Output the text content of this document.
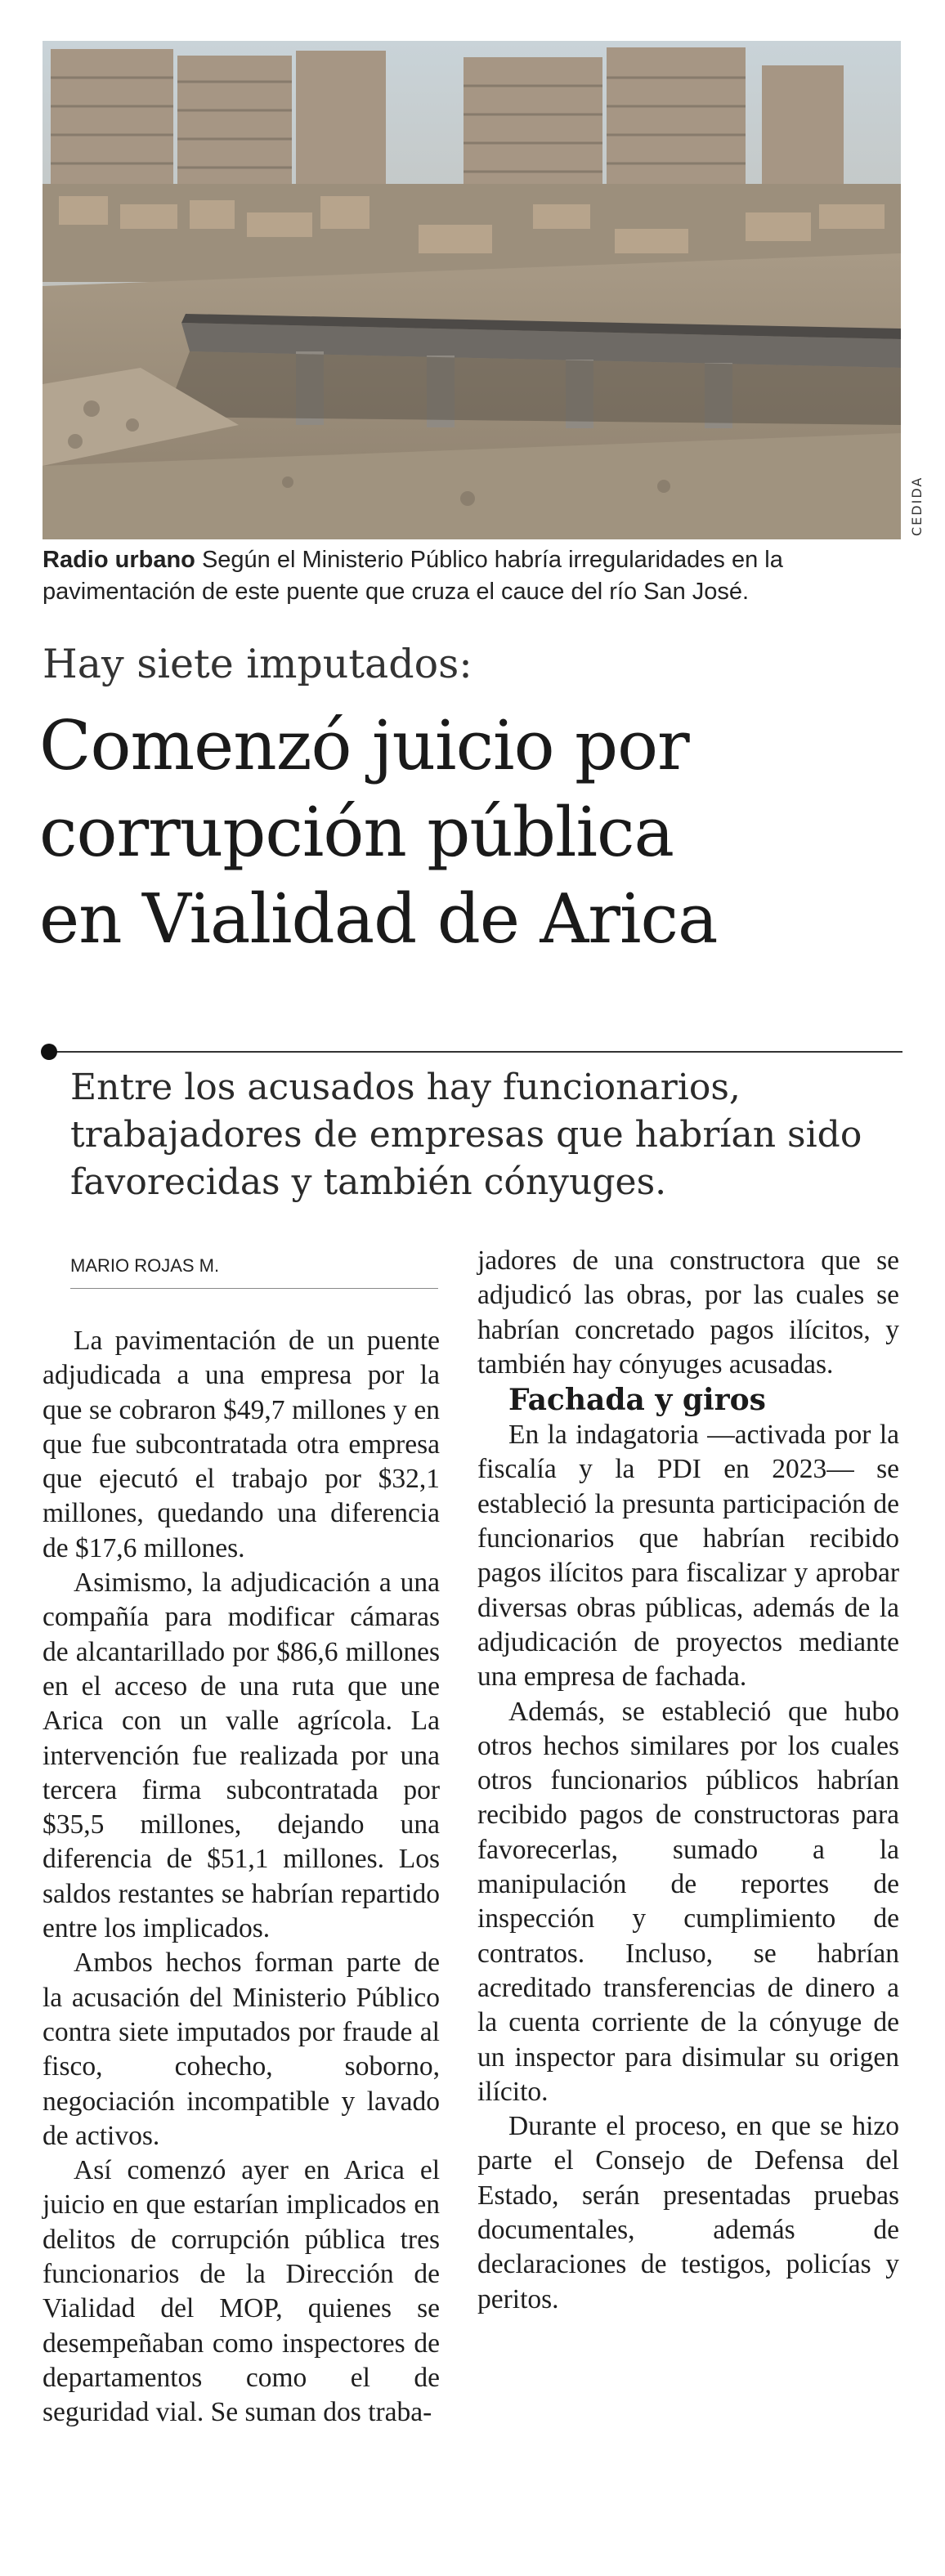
CEDIDA

Radio urbano Según el Ministerio Público habría irregularidades en la pavimentación de este puente que cruza el cauce del río San José.

Hay siete imputados:
Comenzó juicio por
corrupción pública
en Vialidad de Arica

Entre los acusados hay funcionarios, trabajadores de empresas que habrían sido favorecidas y también cónyuges.

MARIO ROJAS M.

La pavimentación de un puente adjudicada a una empresa por la que se cobraron $49,7 millones y en que fue subcontratada otra empresa que ejecutó el trabajo por $32,1 millones, quedando una diferencia de $17,6 millones.

Asimismo, la adjudicación a una compañía para modificar cámaras de alcantarillado por $86,6 millones en el acceso de una ruta que une Arica con un valle agrícola. La intervención fue realizada por una tercera firma subcontratada por $35,5 millones, dejando una diferencia de $51,1 millones. Los saldos restantes se habrían repartido entre los implicados.

Ambos hechos forman parte de la acusación del Ministerio Público contra siete imputados por fraude al fisco, cohecho, soborno, negociación incompatible y lavado de activos.

Así comenzó ayer en Arica el juicio en que estarían implicados en delitos de corrupción pública tres funcionarios de la Dirección de Vialidad del MOP, quienes se desempeñaban como inspectores de departamentos como el de seguridad vial. Se suman dos traba-

jadores de una constructora que se adjudicó las obras, por las cuales se habrían concretado pagos ilícitos, y también hay cónyuges acusadas.

Fachada y giros

En la indagatoria —activada por la fiscalía y la PDI en 2023— se estableció la presunta participación de funcionarios que habrían recibido pagos ilícitos para fiscalizar y aprobar diversas obras públicas, además de la adjudicación de proyectos mediante una empresa de fachada.

Además, se estableció que hubo otros hechos similares por los cuales otros funcionarios públicos habrían recibido pagos de constructoras para favorecerlas, sumado a la manipulación de reportes de inspección y cumplimiento de contratos. Incluso, se habrían acreditado transferencias de dinero a la cuenta corriente de la cónyuge de un inspector para disimular su origen ilícito.

Durante el proceso, en que se hizo parte el Consejo de Defensa del Estado, serán presentadas pruebas documentales, además de declaraciones de testigos, policías y peritos.
